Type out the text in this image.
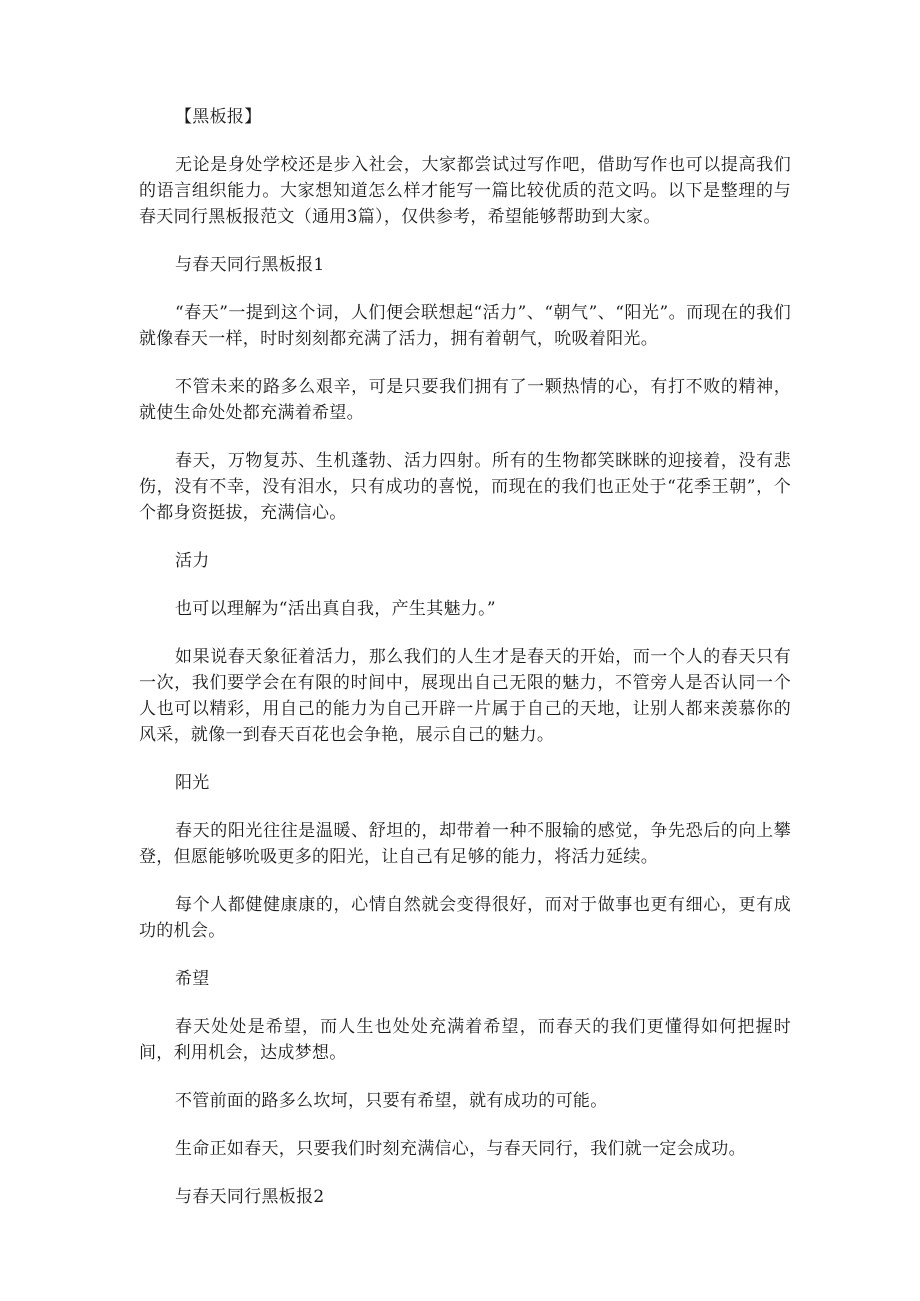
【黑板报】

无论是身处学校还是步入社会，大家都尝试过写作吧，借助写作也可以提高我们的语言组织能力。大家想知道怎么样才能写一篇比较优质的范文吗。以下是整理的与春天同行黑板报范文（通用3篇），仅供参考，希望能够帮助到大家。

与春天同行黑板报1

“春天”一提到这个词，人们便会联想起“活力”、“朝气”、“阳光”。而现在的我们就像春天一样，时时刻刻都充满了活力，拥有着朝气，吮吸着阳光。

不管未来的路多么艰辛，可是只要我们拥有了一颗热情的心，有打不败的精神，就使生命处处都充满着希望。

春天，万物复苏、生机蓬勃、活力四射。所有的生物都笑眯眯的迎接着，没有悲伤，没有不幸，没有泪水，只有成功的喜悦，而现在的我们也正处于“花季王朝”，个个都身资挺拔，充满信心。

活力

也可以理解为“活出真自我，产生其魅力。”

如果说春天象征着活力，那么我们的人生才是春天的开始，而一个人的春天只有一次，我们要学会在有限的时间中，展现出自己无限的魅力，不管旁人是否认同一个人也可以精彩，用自己的能力为自己开辟一片属于自己的天地，让别人都来羡慕你的风采，就像一到春天百花也会争艳，展示自己的魅力。

阳光

春天的阳光往往是温暖、舒坦的，却带着一种不服输的感觉，争先恐后的向上攀登，但愿能够吮吸更多的阳光，让自己有足够的能力，将活力延续。

每个人都健健康康的，心情自然就会变得很好，而对于做事也更有细心，更有成功的机会。

希望

春天处处是希望，而人生也处处充满着希望，而春天的我们更懂得如何把握时间，利用机会，达成梦想。

不管前面的路多么坎坷，只要有希望，就有成功的可能。

生命正如春天，只要我们时刻充满信心，与春天同行，我们就一定会成功。

与春天同行黑板报2
